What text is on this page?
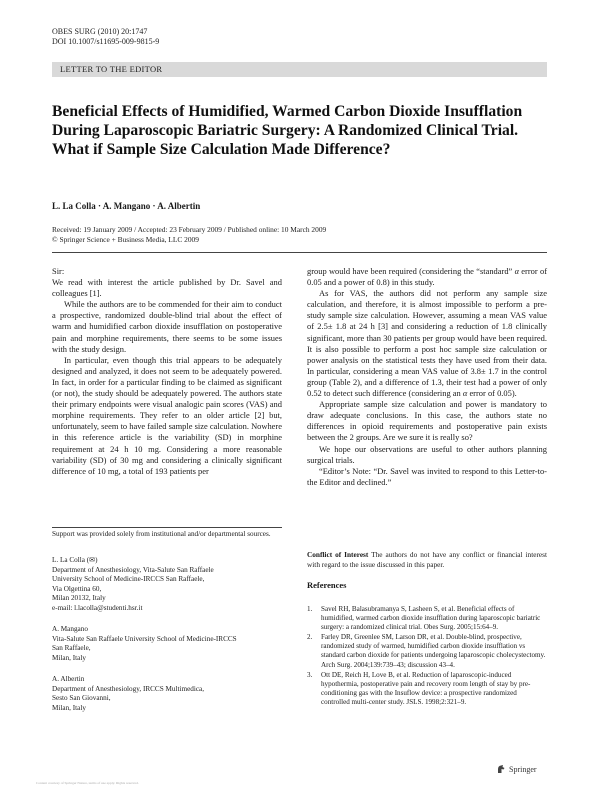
OBES SURG (2010) 20:1747
DOI 10.1007/s11695-009-9815-9
LETTER TO THE EDITOR
Beneficial Effects of Humidified, Warmed Carbon Dioxide Insufflation During Laparoscopic Bariatric Surgery: A Randomized Clinical Trial. What if Sample Size Calculation Made Difference?
L. La Colla · A. Mangano · A. Albertin
Received: 19 January 2009 / Accepted: 23 February 2009 / Published online: 10 March 2009
© Springer Science + Business Media, LLC 2009

Sir:

We read with interest the article published by Dr. Savel and colleagues [1].

While the authors are to be commended for their aim to conduct a prospective, randomized double-blind trial about the effect of warm and humidified carbon dioxide insufflation on postoperative pain and morphine requirements, there seems to be some issues with the study design.

In particular, even though this trial appears to be adequately designed and analyzed, it does not seem to be adequately powered. In fact, in order for a particular finding to be claimed as significant (or not), the study should be adequately powered. The authors state their primary endpoints were visual analogic pain scores (VAS) and morphine requirements. They refer to an older article [2] but, unfortunately, seem to have failed sample size calculation. Nowhere in this reference article is the variability (SD) in morphine requirement at 24 h 10 mg. Considering a more reasonable variability (SD) of 30 mg and considering a clinically significant difference of 10 mg, a total of 193 patients per

group would have been required (considering the “standard” α error of 0.05 and a power of 0.8) in this study.

As for VAS, the authors did not perform any sample size calculation, and therefore, it is almost impossible to perform a pre-study sample size calculation. However, assuming a mean VAS value of 2.5± 1.8 at 24 h [3] and considering a reduction of 1.8 clinically significant, more than 30 patients per group would have been required. It is also possible to perform a post hoc sample size calculation or power analysis on the statistical tests they have used from their data. In particular, considering a mean VAS value of 3.8± 1.7 in the control group (Table 2), and a difference of 1.3, their test had a power of only 0.52 to detect such difference (considering an α error of 0.05).

Appropriate sample size calculation and power is mandatory to draw adequate conclusions. In this case, the authors state no differences in opioid requirements and postoperative pain exists between the 2 groups. Are we sure it is really so?

We hope our observations are useful to other authors planning surgical trials.

“Editor’s Note: “Dr. Savel was invited to respond to this Letter-to-the Editor and declined.”

Support was provided solely from institutional and/or departmental sources.
L. La Colla (✉)
Department of Anesthesiology, Vita-Salute San Raffaele
University School of Medicine-IRCCS San Raffaele,
Via Olgettina 60,
Milan 20132, Italy
e-mail: l.lacolla@studenti.hsr.it
A. Mangano
Vita-Salute San Raffaele University School of Medicine-IRCCS
San Raffaele,
Milan, Italy
A. Albertin
Department of Anesthesiology, IRCCS Multimedica,
Sesto San Giovanni,
Milan, Italy
Conflict of Interest The authors do not have any conflict or financial interest with regard to the issue discussed in this paper.
References
1. Savel RH, Balasubramanya S, Lasheen S, et al. Beneficial effects of humidified, warmed carbon dioxide insufflation during laparoscopic bariatric surgery: a randomized clinical trial. Obes Surg. 2005;15:64–9.
2. Farley DR, Greenlee SM, Larson DR, et al. Double-blind, prospective, randomized study of warmed, humidified carbon dioxide insufflation vs standard carbon dioxide for patients undergoing laparoscopic cholecystectomy. Arch Surg. 2004;139:739–43; discussion 43–4.
3. Ott DE, Reich H, Love B, et al. Reduction of laparoscopic-induced hypothermia, postoperative pain and recovery room length of stay by pre-conditioning gas with the Insuflow device: a prospective randomized controlled multi-center study. JSLS. 1998;2:321–9.
Springer
Content courtesy of Springer Nature, terms of use apply. Rights reserved.
